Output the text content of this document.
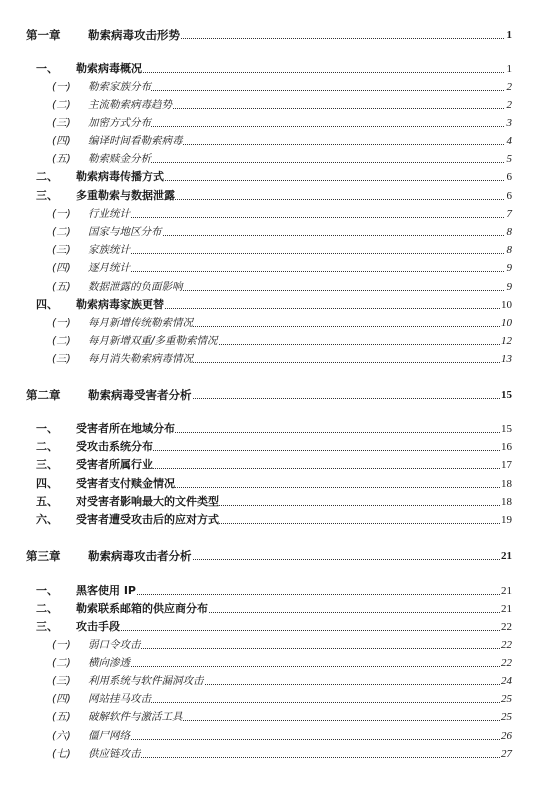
第一章 勒索病毒攻击形势	1
一、 勒索病毒概况	1
(一) 勒索家族分布	2
(二) 主流勒索病毒趋势	2
(三) 加密方式分布	3
(四) 编译时间看勒索病毒	4
(五) 勒索赎金分析	5
二、 勒索病毒传播方式	6
三、 多重勒索与数据泄露	6
(一) 行业统计	7
(二) 国家与地区分布	8
(三) 家族统计	8
(四) 逐月统计	9
(五) 数据泄露的负面影响	9
四、 勒索病毒家族更替	10
(一) 每月新增传统勒索情况	10
(二) 每月新增双重/多重勒索情况	12
(三) 每月消失勒索病毒情况	13
第二章 勒索病毒受害者分析	15
一、 受害者所在地域分布	15
二、 受攻击系统分布	16
三、 受害者所属行业	17
四、 受害者支付赎金情况	18
五、 对受害者影响最大的文件类型	18
六、 受害者遭受攻击后的应对方式	19
第三章 勒索病毒攻击者分析	21
一、 黑客使用 IP	21
二、 勒索联系邮箱的供应商分布	21
三、 攻击手段	22
(一) 弱口令攻击	22
(二) 横向渗透	22
(三) 利用系统与软件漏洞攻击	24
(四) 网站挂马攻击	25
(五) 破解软件与激活工具	25
(六) 僵尸网络	26
(七) 供应链攻击	27
